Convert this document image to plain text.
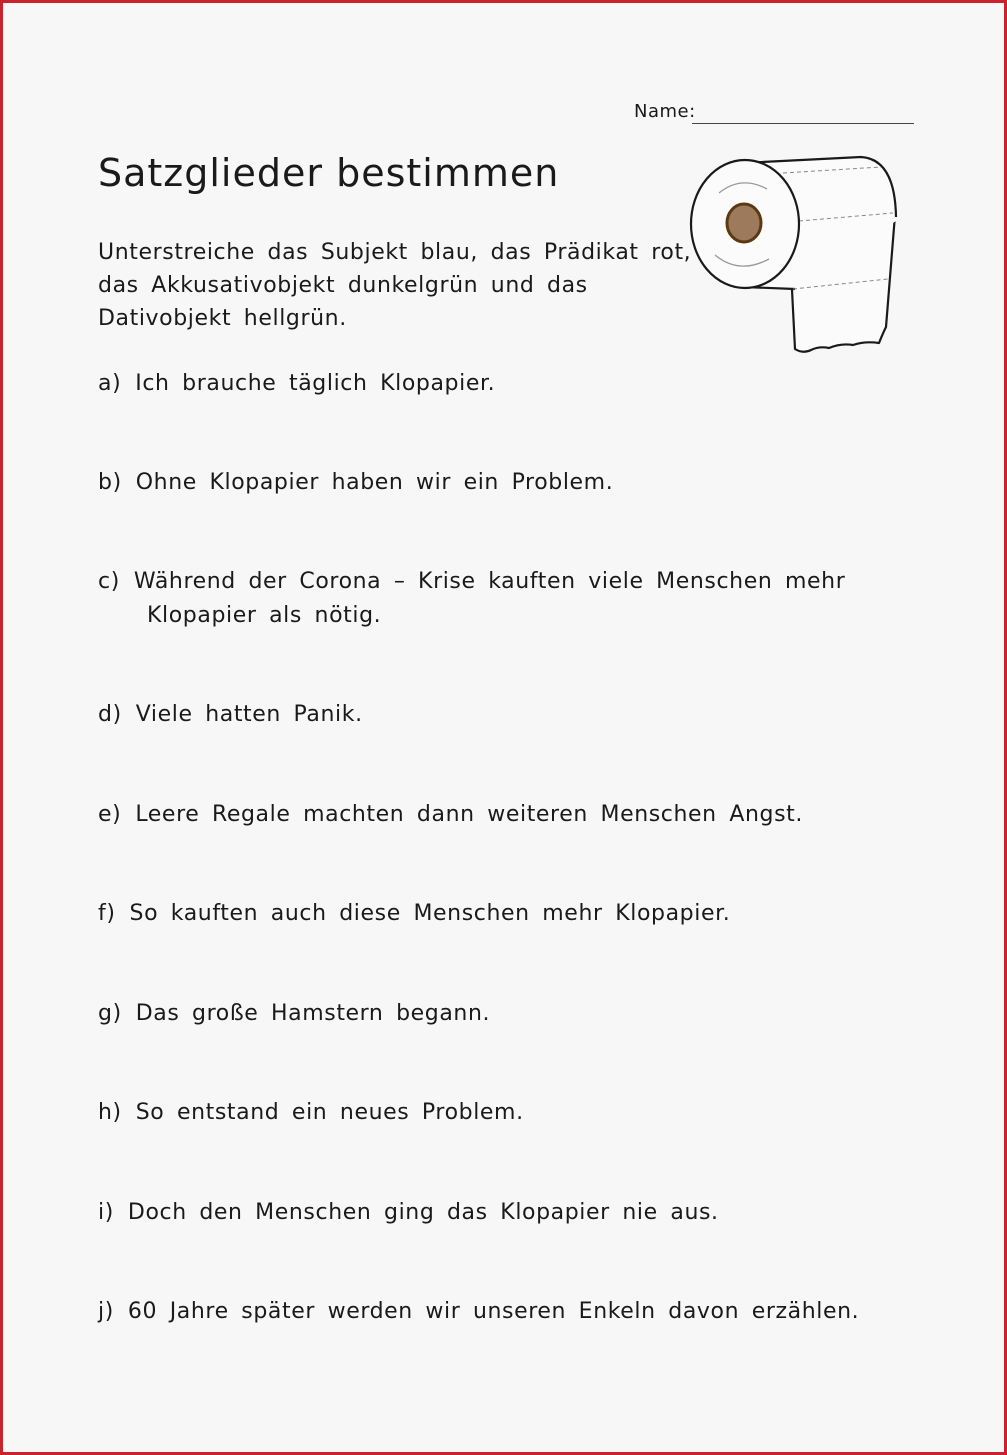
Name:
Satzglieder bestimmen

Unterstreiche das Subjekt blau, das Prädikat rot,
das Akkusativobjekt dunkelgrün und das
Dativobjekt hellgrün.

a) Ich brauche täglich Klopapier.
b) Ohne Klopapier haben wir ein Problem.
c) Während der Corona – Krise kauften viele Menschen mehr
Klopapier als nötig.
d) Viele hatten Panik.
e) Leere Regale machten dann weiteren Menschen Angst.
f) So kauften auch diese Menschen mehr Klopapier.
g) Das große Hamstern begann.
h) So entstand ein neues Problem.
i) Doch den Menschen ging das Klopapier nie aus.
j) 60 Jahre später werden wir unseren Enkeln davon erzählen.
